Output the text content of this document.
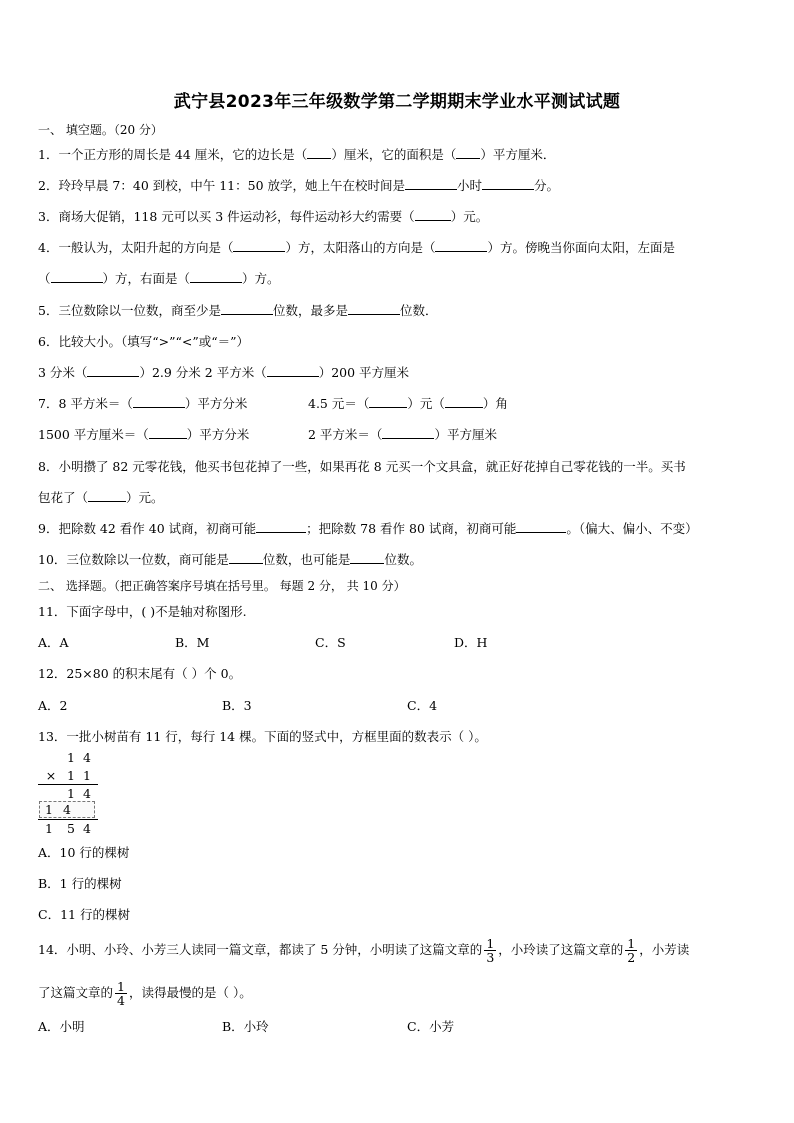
武宁县2023年三年级数学第二学期期末学业水平测试试题
一、 填空题。（20 分）
1．一个正方形的周长是 44 厘米，它的边长是（ ）厘米，它的面积是（ ）平方厘米．
2．玲玲早晨 7：40 到校，中午 11：50 放学，她上午在校时间是	小时	分。
3．商场大促销，118 元可以买 3 件运动衫，每件运动衫大约需要（	）元。
4．一般认为，太阳升起的方向是（	）方，太阳落山的方向是（	）方。傍晚当你面向太阳，左面是
（	）方，右面是（	）方。
5．三位数除以一位数，商至少是	位数，最多是	位数．
6．比较大小。（填写“>”“<”或“＝”）
3 分米（	）2.9 分米 2 平方米（	）200 平方厘米
7．8 平方米＝（	）平方分米	4.5 元＝（	）元（	）角
1500 平方厘米＝（	）平方分米	2 平方米＝（	）平方厘米
8．小明攒了 82 元零花钱，他买书包花掉了一些，如果再花 8 元买一个文具盒，就正好花掉自己零花钱的一半。买书
包花了（	）元。
9．把除数 42 看作 40 试商，初商可能	；把除数 78 看作 80 试商，初商可能	。（偏大、偏小、不变）
10．三位数除以一位数，商可能是	位数，也可能是	位数。
二、 选择题。（把正确答案序号填在括号里。 每题 2 分， 共 10 分）
11．下面字母中，( )不是轴对称图形.
A．A	B．M	C．S	D．H
12．25×80 的积末尾有（ ）个 0。
A．2	B．3	C．4
13．一批小树苗有 11 行，每行 14 棵。下面的竖式中，方框里面的数表示（ ）。
1 4
× 1 1
1 4
1 4
1 5 4
A．10 行的棵树
B．1 行的棵树
C．11 行的棵树
14．小明、小玲、小芳三人读同一篇文章，都读了 5 分钟，小明读了这篇文章的 $\frac{1}{3}$ ，小玲读了这篇文章的 $\frac{1}{2}$ ，小芳读
了这篇文章的 $\frac{1}{4}$ ，读得最慢的是（ ）。
A．小明	B．小玲	C．小芳
